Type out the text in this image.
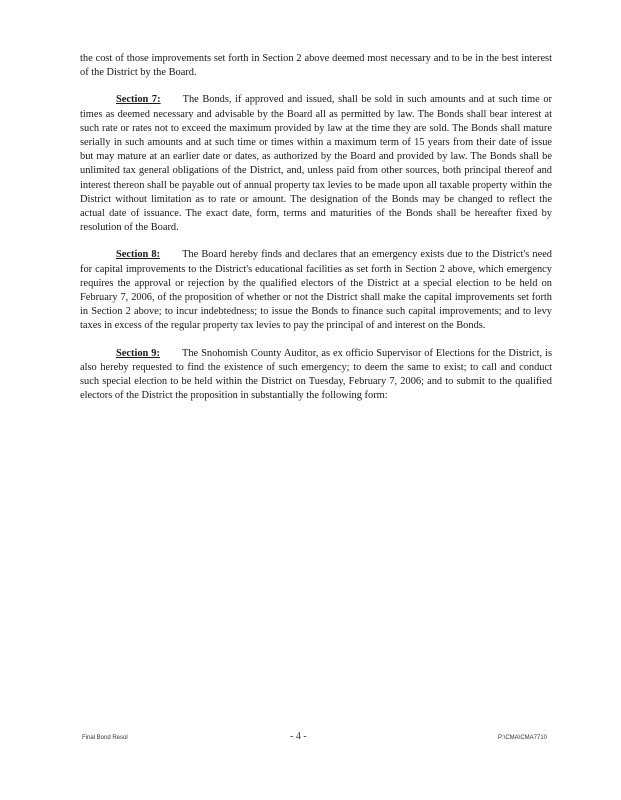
the cost of those improvements set forth in Section 2 above deemed most necessary and to be in the best interest of the District by the Board.

Section 7: The Bonds, if approved and issued, shall be sold in such amounts and at such time or times as deemed necessary and advisable by the Board all as permitted by law. The Bonds shall bear interest at such rate or rates not to exceed the maximum provided by law at the time they are sold. The Bonds shall mature serially in such amounts and at such time or times within a maximum term of 15 years from their date of issue but may mature at an earlier date or dates, as authorized by the Board and provided by law. The Bonds shall be unlimited tax general obligations of the District, and, unless paid from other sources, both principal thereof and interest thereon shall be payable out of annual property tax levies to be made upon all taxable property within the District without limitation as to rate or amount. The designation of the Bonds may be changed to reflect the actual date of issuance. The exact date, form, terms and maturities of the Bonds shall be hereafter fixed by resolution of the Board.

Section 8: The Board hereby finds and declares that an emergency exists due to the District's need for capital improvements to the District's educational facilities as set forth in Section 2 above, which emergency requires the approval or rejection by the qualified electors of the District at a special election to be held on February 7, 2006, of the proposition of whether or not the District shall make the capital improvements set forth in Section 2 above; to incur indebtedness; to issue the Bonds to finance such capital improvements; and to levy taxes in excess of the regular property tax levies to pay the principal of and interest on the Bonds.

Section 9: The Snohomish County Auditor, as ex officio Supervisor of Elections for the District, is also hereby requested to find the existence of such emergency; to deem the same to exist; to call and conduct such special election to be held within the District on Tuesday, February 7, 2006; and to submit to the qualified electors of the District the proposition in substantially the following form:

Final Bond Resol	- 4 -	P:\CMA\CMA7710
